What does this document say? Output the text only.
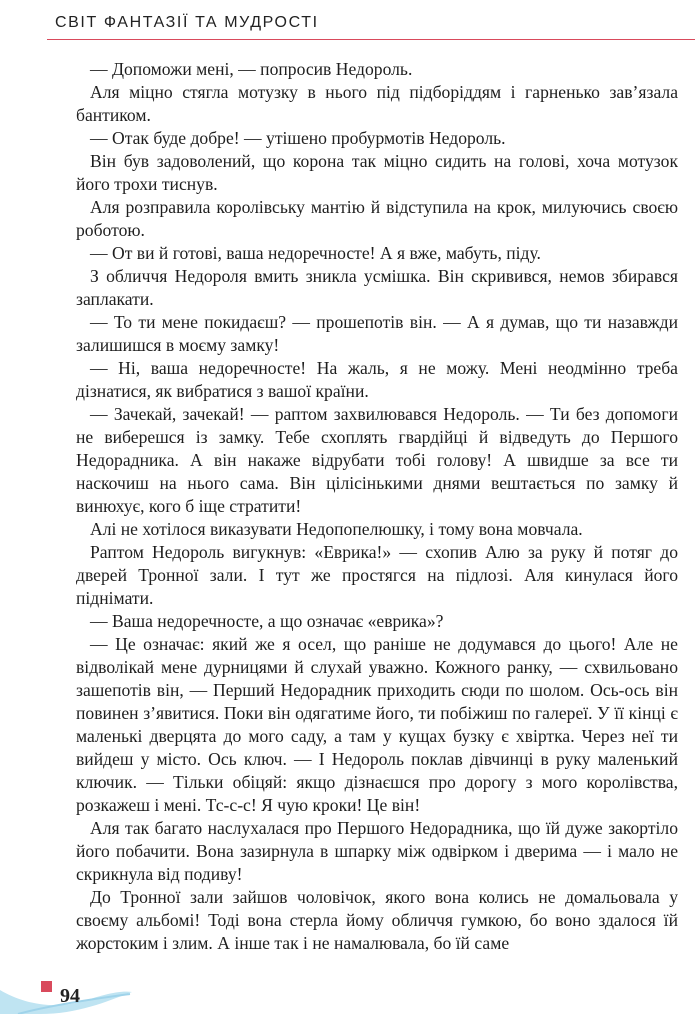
СВІТ ФАНТАЗІЇ ТА МУДРОСТІ

— Допоможи мені, — попросив Недороль.

Аля міцно стягла мотузку в нього під підборіддям і гарненько зав’язала бантиком.

— Отак буде добре! — утішено пробурмотів Недороль.

Він був задоволений, що корона так міцно сидить на голові, хоча мотузок його трохи тиснув.

Аля розправила королівську мантію й відступила на крок, милуючись своєю роботою.

— От ви й готові, ваша недоречносте! А я вже, мабуть, піду.

З обличчя Недороля вмить зникла усмішка. Він скривився, немов збирався заплакати.

— То ти мене покидаєш? — прошепотів він. — А я думав, що ти назавжди залишишся в моєму замку!

— Ні, ваша недоречносте! На жаль, я не можу. Мені неодмінно треба дізнатися, як вибратися з вашої країни.

— Зачекай, зачекай! — раптом захвилювався Недороль. — Ти без допомоги не виберешся із замку. Тебе схоплять гвардійці й відведуть до Першого Недорадника. А він накаже відрубати тобі голову! А швидше за все ти наскочиш на нього сама. Він цілісінькими днями вештається по замку й винюхує, кого б іще стратити!

Алі не хотілося виказувати Недопопелюшку, і тому вона мовчала.

Раптом Недороль вигукнув: «Еврика!» — схопив Алю за руку й потяг до дверей Тронної зали. І тут же простягся на підлозі. Аля кинулася його піднімати.

— Ваша недоречносте, а що означає «еврика»?

— Це означає: який же я осел, що раніше не додумався до цього! Але не відволікай мене дурницями й слухай уважно. Кожного ранку, — схвильовано зашепотів він, — Перший Недорадник приходить сюди по шолом. Ось-ось він повинен з’явитися. Поки він одягатиме його, ти побіжиш по галереї. У її кінці є маленькі дверцята до мого саду, а там у кущах бузку є хвіртка. Через неї ти вийдеш у місто. Ось ключ. — І Недороль поклав дівчинці в руку маленький ключик. — Тільки обіцяй: якщо дізнаєшся про дорогу з мого королівства, розкажеш і мені. Тс-с-с! Я чую кроки! Це він!

Аля так багато наслухалася про Першого Недорадника, що їй дуже закортіло його побачити. Вона зазирнула в шпарку між одвірком і дверима — і мало не скрикнула від подиву!

До Тронної зали зайшов чоловічок, якого вона колись не домальовала у своєму альбомі! Тоді вона стерла йому обличчя гумкою, бо воно здалося їй жорстоким і злим. А інше так і не намалювала, бо їй саме

94
